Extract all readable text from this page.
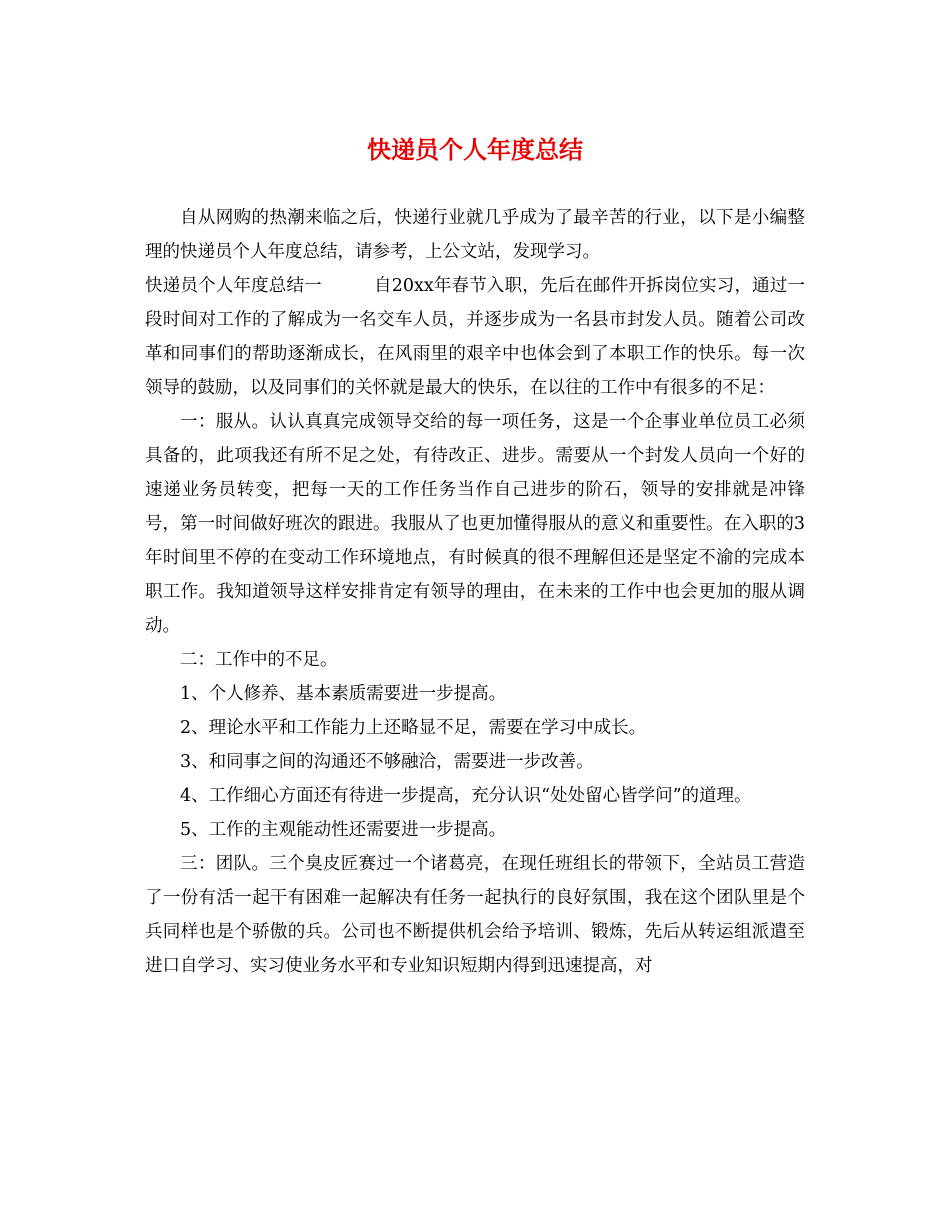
快递员个人年度总结

自从网购的热潮来临之后，快递行业就几乎成为了最辛苦的行业，以下是小编整理的快递员个人年度总结，请参考，上公文站，发现学习。

快递员个人年度总结一	自20xx年春节入职，先后在邮件开拆岗位实习，通过一段时间对工作的了解成为一名交车人员，并逐步成为一名县市封发人员。随着公司改革和同事们的帮助逐渐成长，在风雨里的艰辛中也体会到了本职工作的快乐。每一次领导的鼓励，以及同事们的关怀就是最大的快乐，在以往的工作中有很多的不足：

一：服从。认认真真完成领导交给的每一项任务，这是一个企事业单位员工必须具备的，此项我还有所不足之处，有待改正、进步。需要从一个封发人员向一个好的速递业务员转变，把每一天的工作任务当作自己进步的阶石，领导的安排就是冲锋号，第一时间做好班次的跟进。我服从了也更加懂得服从的意义和重要性。在入职的3年时间里不停的在变动工作环境地点，有时候真的很不理解但还是坚定不渝的完成本职工作。我知道领导这样安排肯定有领导的理由，在未来的工作中也会更加的服从调动。

二：工作中的不足。

1、个人修养、基本素质需要进一步提高。

2、理论水平和工作能力上还略显不足，需要在学习中成长。

3、和同事之间的沟通还不够融洽，需要进一步改善。

4、工作细心方面还有待进一步提高，充分认识“处处留心皆学问”的道理。

5、工作的主观能动性还需要进一步提高。

三：团队。三个臭皮匠赛过一个诸葛亮，在现任班组长的带领下，全站员工营造了一份有活一起干有困难一起解决有任务一起执行的良好氛围，我在这个团队里是个兵同样也是个骄傲的兵。公司也不断提供机会给予培训、锻炼，先后从转运组派遣至进口自学习、实习使业务水平和专业知识短期内得到迅速提高，对
